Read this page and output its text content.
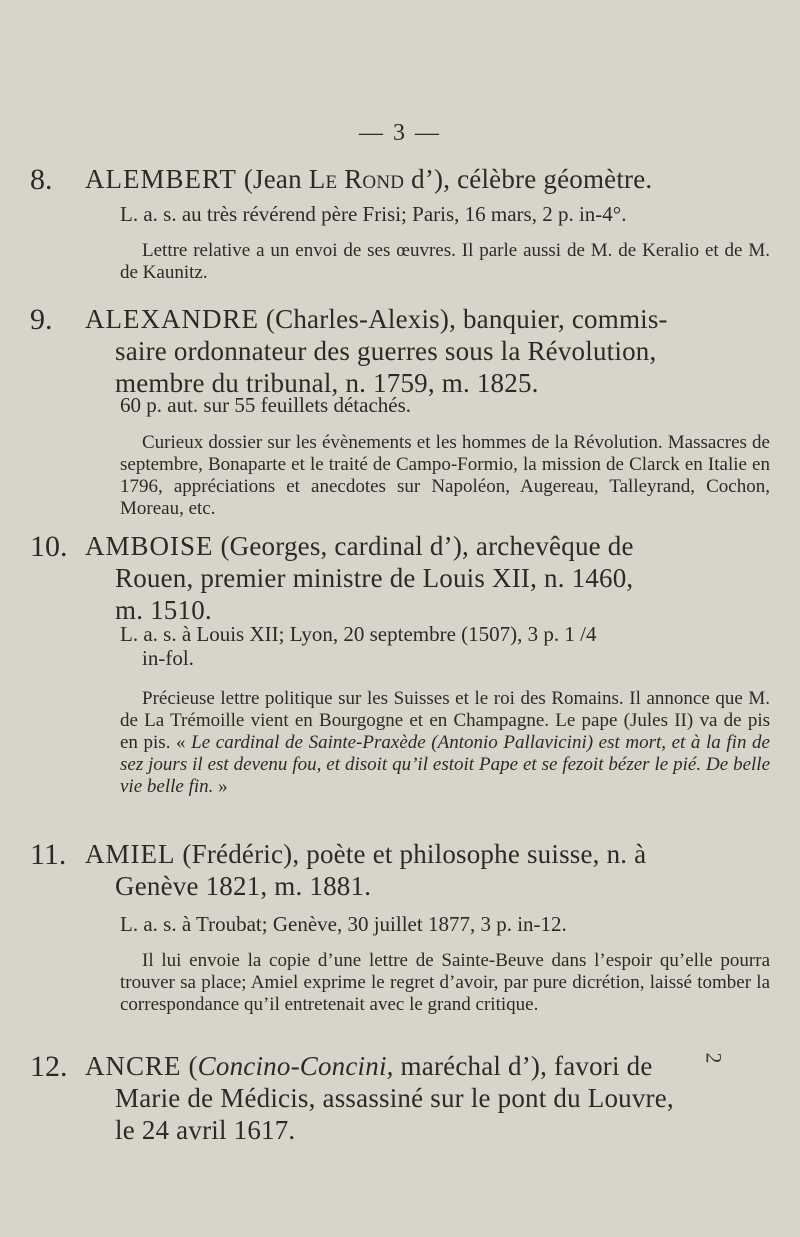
— 3 —
8. ALEMBERT (Jean Le Rond d’), célèbre géomètre.
L. a. s. au très révérend père Frisi; Paris, 16 mars, 2 p. in-4°.
Lettre relative a un envoi de ses œuvres. Il parle aussi de M. de Keralio et de M. de Kaunitz.
9. ALEXANDRE (Charles-Alexis), banquier, commis-
saire ordonnateur des guerres sous la Révolution,
membre du tribunal, n. 1759, m. 1825.
60 p. aut. sur 55 feuillets détachés.
Curieux dossier sur les évènements et les hommes de la Révolution. Massacres de septembre, Bonaparte et le traité de Campo-Formio, la mission de Clarck en Italie en 1796, appréciations et anecdotes sur Napoléon, Augereau, Talleyrand, Cochon, Moreau, etc.
10. AMBOISE (Georges, cardinal d’), archevêque de
Rouen, premier ministre de Louis XII, n. 1460,
m. 1510.
L. a. s. à Louis XII; Lyon, 20 septembre (1507), 3 p. 1 /4
in-fol.
Précieuse lettre politique sur les Suisses et le roi des Romains. Il annonce que M. de La Trémoille vient en Bourgogne et en Champagne. Le pape (Jules II) va de pis en pis. « Le cardinal de Sainte-Praxède (Antonio Pallavicini) est mort, et à la fin de sez jours il est devenu fou, et disoit qu’il estoit Pape et se fezoit bézer le pié. De belle vie belle fin. »
11. AMIEL (Frédéric), poète et philosophe suisse, n. à
Genève 1821, m. 1881.
L. a. s. à Troubat; Genève, 30 juillet 1877, 3 p. in-12.
Il lui envoie la copie d’une lettre de Sainte-Beuve dans l’espoir qu’elle pourra trouver sa place; Amiel exprime le regret d’avoir, par pure dicrétion, laissé tomber la correspondance qu’il entretenait avec le grand critique.
12. ANCRE (Concino-Concini, maréchal d’), favori de
Marie de Médicis, assassiné sur le pont du Louvre,
le 24 avril 1617.
2
